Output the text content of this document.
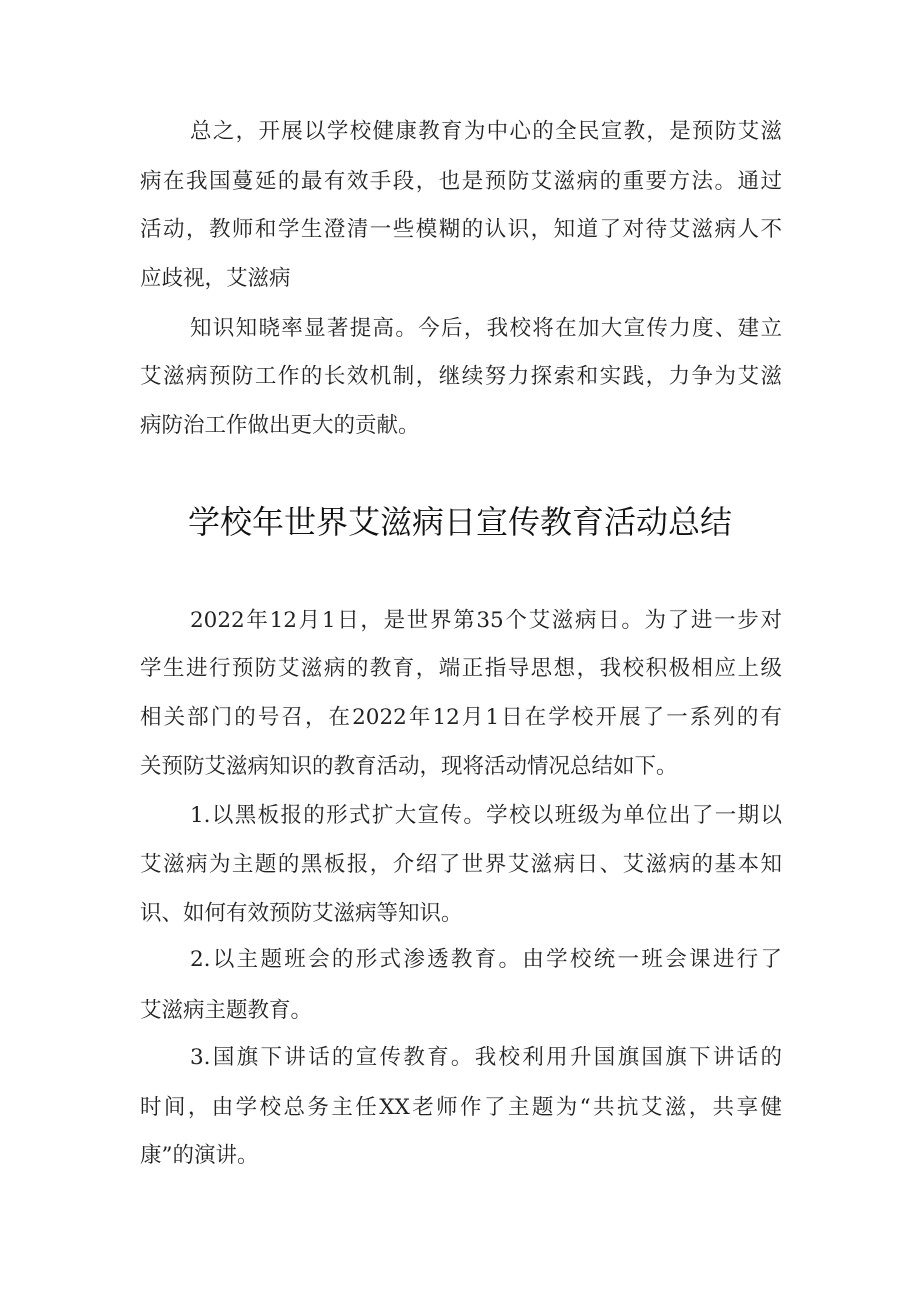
总之，开展以学校健康教育为中心的全民宣教，是预防艾滋
病在我国蔓延的最有效手段，也是预防艾滋病的重要方法。通过
活动，教师和学生澄清一些模糊的认识，知道了对待艾滋病人不
应歧视，艾滋病
知识知晓率显著提高。今后，我校将在加大宣传力度、建立
艾滋病预防工作的长效机制，继续努力探索和实践，力争为艾滋
病防治工作做出更大的贡献。
学校年世界艾滋病日宣传教育活动总结
2022年12月1日，是世界第35个艾滋病日。为了进一步对
学生进行预防艾滋病的教育，端正指导思想，我校积极相应上级
相关部门的号召，在2022年12月1日在学校开展了一系列的有
关预防艾滋病知识的教育活动，现将活动情况总结如下。
1.以黑板报的形式扩大宣传。学校以班级为单位出了一期以
艾滋病为主题的黑板报，介绍了世界艾滋病日、艾滋病的基本知
识、如何有效预防艾滋病等知识。
2.以主题班会的形式渗透教育。由学校统一班会课进行了
艾滋病主题教育。
3.国旗下讲话的宣传教育。我校利用升国旗国旗下讲话的
时间，由学校总务主任XX老师作了主题为“共抗艾滋，共享健
康”的演讲。
